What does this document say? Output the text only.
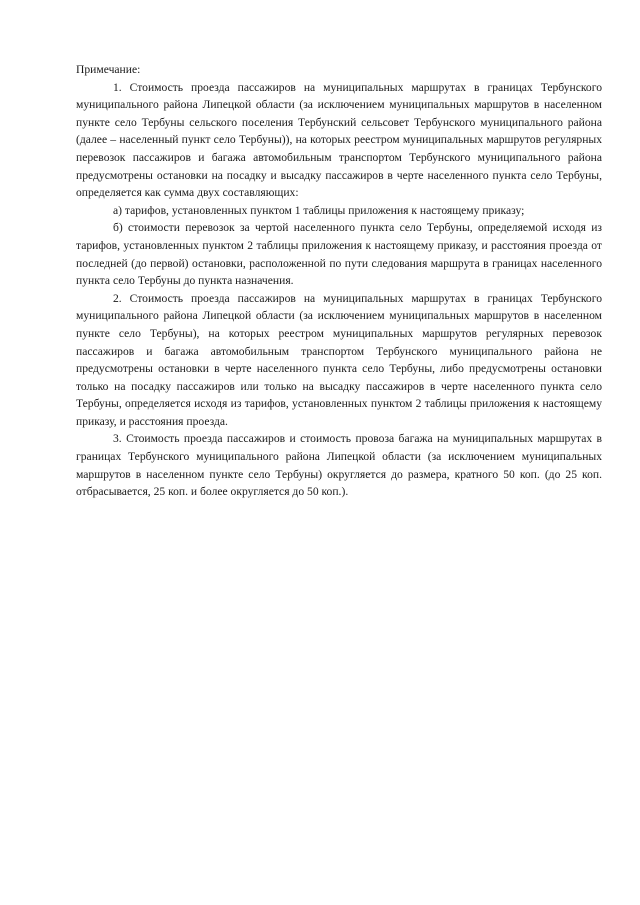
Примечание:

1. Стоимость проезда пассажиров на муниципальных маршрутах в границах Тербунского муниципального района Липецкой области (за исключением муниципальных маршрутов в населенном пункте село Тербуны сельского поселения Тербунский сельсовет Тербунского муниципального района (далее – населенный пункт село Тербуны)), на которых реестром муниципальных маршрутов регулярных перевозок пассажиров и багажа автомобильным транспортом Тербунского муниципального района предусмотрены остановки на посадку и высадку пассажиров в черте населенного пункта село Тербуны, определяется как сумма двух составляющих:

а) тарифов, установленных пунктом 1 таблицы приложения к настоящему приказу;

б) стоимости перевозок за чертой населенного пункта село Тербуны, определяемой исходя из тарифов, установленных пунктом 2 таблицы приложения к настоящему приказу, и расстояния проезда от последней (до первой) остановки, расположенной по пути следования маршрута в границах населенного пункта село Тербуны до пункта назначения.

2. Стоимость проезда пассажиров на муниципальных маршрутах в границах Тербунского муниципального района Липецкой области (за исключением муниципальных маршрутов в населенном пункте село Тербуны), на которых реестром муниципальных маршрутов регулярных перевозок пассажиров и багажа автомобильным транспортом Тербунского муниципального района не предусмотрены остановки в черте населенного пункта село Тербуны, либо предусмотрены остановки только на посадку пассажиров или только на высадку пассажиров в черте населенного пункта село Тербуны, определяется исходя из тарифов, установленных пунктом 2 таблицы приложения к настоящему приказу, и расстояния проезда.

3. Стоимость проезда пассажиров и стоимость провоза багажа на муниципальных маршрутах в границах Тербунского муниципального района Липецкой области (за исключением муниципальных маршрутов в населенном пункте село Тербуны) округляется до размера, кратного 50 коп. (до 25 коп. отбрасывается, 25 коп. и более округляется до 50 коп.).
